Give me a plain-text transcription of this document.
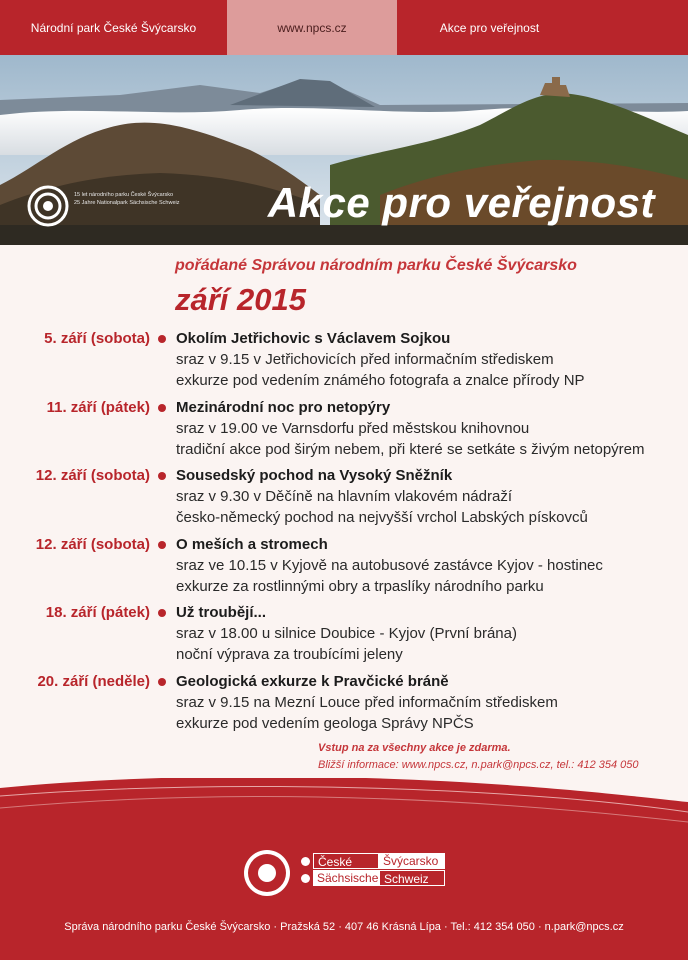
Národní park České Švýcarsko	www.npcs.cz	Akce pro veřejnost
15 let národního parku České Švýcarsko
25 Jahre Nationalpark Sächsische Schweiz Akce pro veřejnost
pořádané Správou národním parku České Švýcarsko
září 2015
5. září (sobota) Okolím Jetřichovic s Václavem Sojkou
sraz v 9.15 v Jetřichovicích před informačním střediskem
exkurze pod vedením známého fotografa a znalce přírody NP
11. září (pátek) Mezinárodní noc pro netopýry
sraz v 19.00 ve Varnsdorfu před městskou knihovnou
tradiční akce pod širým nebem, při které se setkáte s živým netopýrem
12. září (sobota) Sousedský pochod na Vysoký Sněžník
sraz v 9.30 v Děčíně na hlavním vlakovém nádraží
česko-německý pochod na nejvyšší vrchol Labských pískovců
12. září (sobota) O meších a stromech
sraz ve 10.15 v Kyjově na autobusové zastávce Kyjov - hostinec
exkurze za rostlinnými obry a trpaslíky národního parku
18. září (pátek) Už troubějí...
sraz v 18.00 u silnice Doubice - Kyjov (První brána)
noční výprava za troubícími jeleny
20. září (neděle) Geologická exkurze k Pravčické bráně
sraz v 9.15 na Mezní Louce před informačním střediskem
exkurze pod vedením geologa Správy NPČS
Vstup na za všechny akce je zdarma.
Bližší informace: www.npcs.cz, n.park@npcs.cz, tel.: 412 354 050
České	Švýcarsko
Sächsische Schweiz
Správa národního parku České Švýcarsko · Pražská 52 · 407 46 Krásná Lípa · Tel.: 412 354 050 · n.park@npcs.cz
